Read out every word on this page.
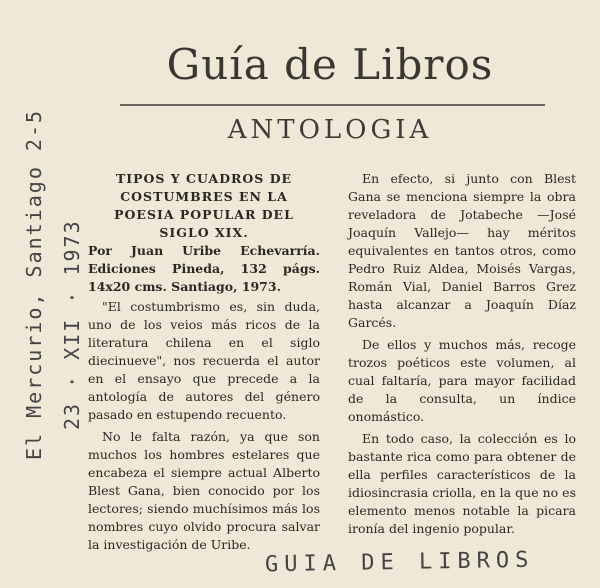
El Mercurio, Santiago 2-5 23 · XII · 1973
Guía de Libros
ANTOLOGIA

TIPOS Y CUADROS DE COSTUMBRES EN LA POESIA POPULAR DEL SIGLO XIX.

Por Juan Uribe Echevarría. Ediciones Pineda, 132 págs. 14x20 cms. Santiago, 1973.

"El costumbrismo es, sin duda, uno de los veios más ricos de la literatura chilena en el siglo diecinueve", nos recuerda el autor en el ensayo que precede a la antología de autores del género pasado en estupendo recuento.

No le falta razón, ya que son muchos los hombres estelares que encabeza el siempre actual Alberto Blest Gana, bien conocido por los lectores; siendo muchísimos más los nombres cuyo olvido procura salvar la investigación de Uribe.

En efecto, si junto con Blest Gana se menciona siempre la obra reveladora de Jotabeche —José Joaquín Vallejo— hay méritos equivalentes en tantos otros, como Pedro Ruiz Aldea, Moisés Vargas, Román Vial, Daniel Barros Grez hasta alcanzar a Joaquín Díaz Garcés.

De ellos y muchos más, recoge trozos poéticos este volumen, al cual faltaría, para mayor facilidad de la consulta, un índice onomástico.

En todo caso, la colección es lo bastante rica como para obtener de ella perfiles característicos de la idiosincrasia criolla, en la que no es elemento menos notable la picara ironía del ingenio popular.

GUIA DE LIBROS
